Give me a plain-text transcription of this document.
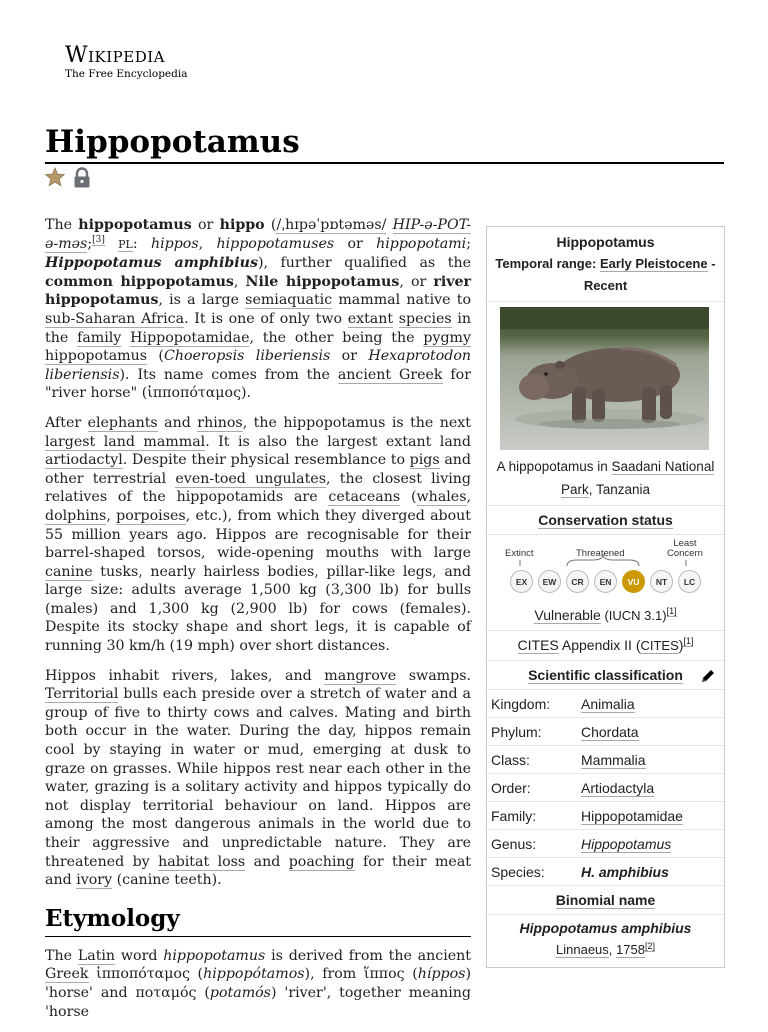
Wikipedia
The Free Encyclopedia
Hippopotamus

The hippopotamus or hippo (/ˌhɪpəˈpɒtəməs/ HIP-ə-POT-ə-məs;[3] PL: hippos, hippopotamuses or hippopotami; Hippopotamus amphibius), further qualified as the common hippopotamus, Nile hippopotamus, or river hippopotamus, is a large semiaquatic mammal native to sub-Saharan Africa. It is one of only two extant species in the family Hippopotamidae, the other being the pygmy hippopotamus (Choeropsis liberiensis or Hexaprotodon liberiensis). Its name comes from the ancient Greek for "river horse" (ἱπποπόταμος).

After elephants and rhinos, the hippopotamus is the next largest land mammal. It is also the largest extant land artiodactyl. Despite their physical resemblance to pigs and other terrestrial even-toed ungulates, the closest living relatives of the hippopotamids are cetaceans (whales, dolphins, porpoises, etc.), from which they diverged about 55 million years ago. Hippos are recognisable for their barrel-shaped torsos, wide-opening mouths with large canine tusks, nearly hairless bodies, pillar-like legs, and large size: adults average 1,500 kg (3,300 lb) for bulls (males) and 1,300 kg (2,900 lb) for cows (females). Despite its stocky shape and short legs, it is capable of running 30 km/h (19 mph) over short distances.

Hippos inhabit rivers, lakes, and mangrove swamps. Territorial bulls each preside over a stretch of water and a group of five to thirty cows and calves. Mating and birth both occur in the water. During the day, hippos remain cool by staying in water or mud, emerging at dusk to graze on grasses. While hippos rest near each other in the water, grazing is a solitary activity and hippos typically do not display territorial behaviour on land. Hippos are among the most dangerous animals in the world due to their aggressive and unpredictable nature. They are threatened by habitat loss and poaching for their meat and ivory (canine teeth).

Etymology

The Latin word hippopotamus is derived from the ancient Greek ἱπποπόταμος (hippopótamos), from ἵππος (híppos) 'horse' and ποταμός (potamós) 'river', together meaning 'horse

Hippopotamus
Temporal range: Early Pleistocene - Recent
A hippopotamus in Saadani National Park, Tanzania
Conservation status
Extinct	Threatened
Least
Concern
EX	EW	CR	EN	VU	NT	LC
Vulnerable (IUCN 3.1)[1]
CITES Appendix II (CITES)[1]
Scientific classification
Kingdom:	Animalia
Phylum:	Chordata
Class:	Mammalia
Order:	Artiodactyla
Family:	Hippopotamidae
Genus:	Hippopotamus
Species:	H. amphibius
Binomial name
Hippopotamus amphibius
Linnaeus, 1758[2]
